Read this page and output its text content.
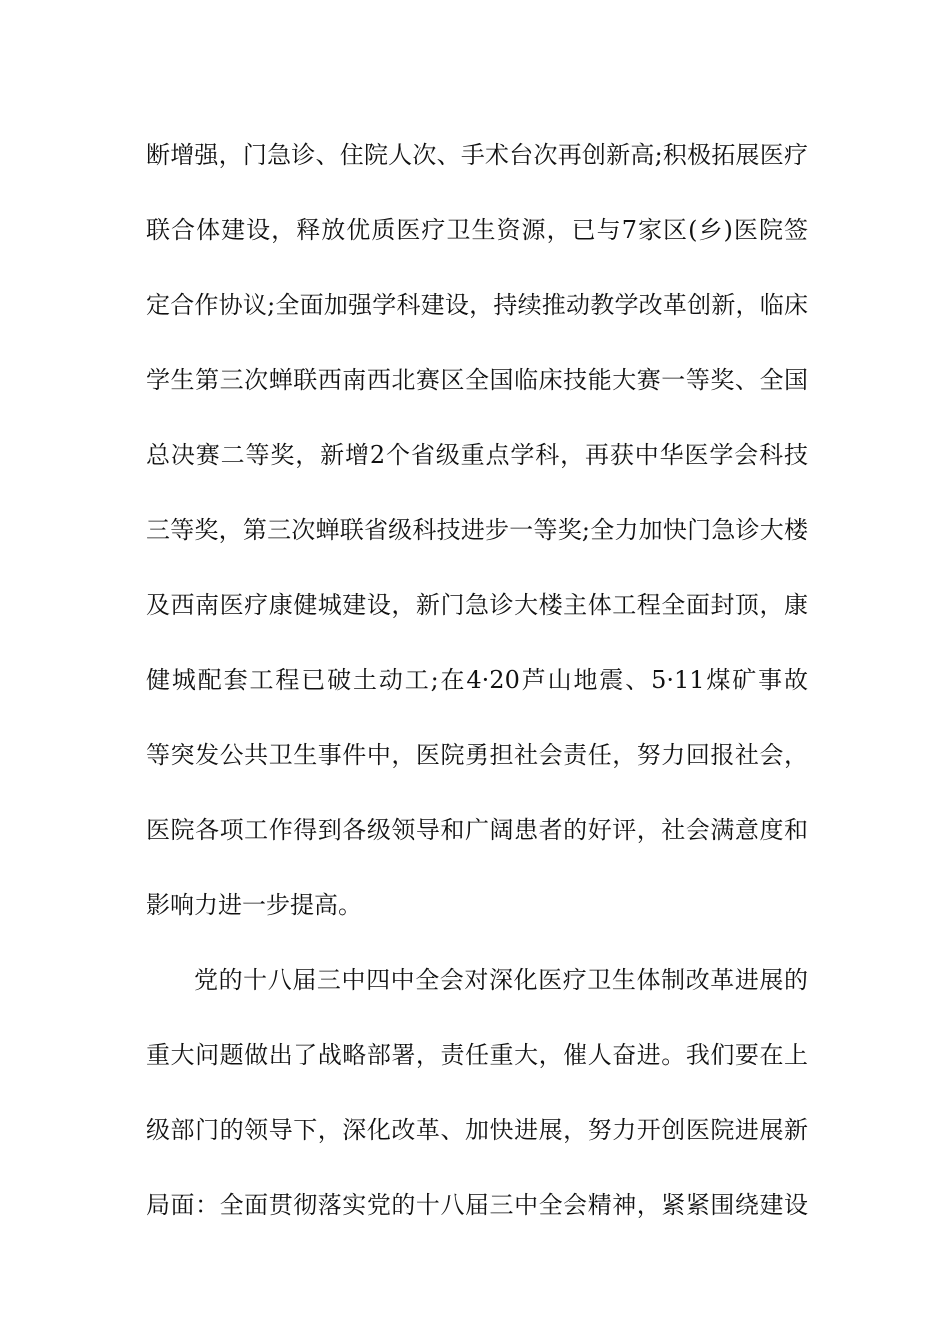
断增强，门急诊、住院人次、手术台次再创新高;积极拓展医疗
联合体建设，释放优质医疗卫生资源，已与7家区(乡)医院签
定合作协议;全面加强学科建设，持续推动教学改革创新，临床
学生第三次蝉联西南西北赛区全国临床技能大赛一等奖、全国
总决赛二等奖，新增2个省级重点学科，再获中华医学会科技
三等奖，第三次蝉联省级科技进步一等奖;全力加快门急诊大楼
及西南医疗康健城建设，新门急诊大楼主体工程全面封顶，康
健城配套工程已破土动工;在4·20芦山地震、5·11煤矿事故
等突发公共卫生事件中，医院勇担社会责任，努力回报社会，
医院各项工作得到各级领导和广阔患者的好评，社会满意度和
影响力进一步提高。
党的十八届三中四中全会对深化医疗卫生体制改革进展的
重大问题做出了战略部署，责任重大，催人奋进。我们要在上
级部门的领导下，深化改革、加快进展，努力开创医院进展新
局面：全面贯彻落实党的十八届三中全会精神，紧紧围绕建设
